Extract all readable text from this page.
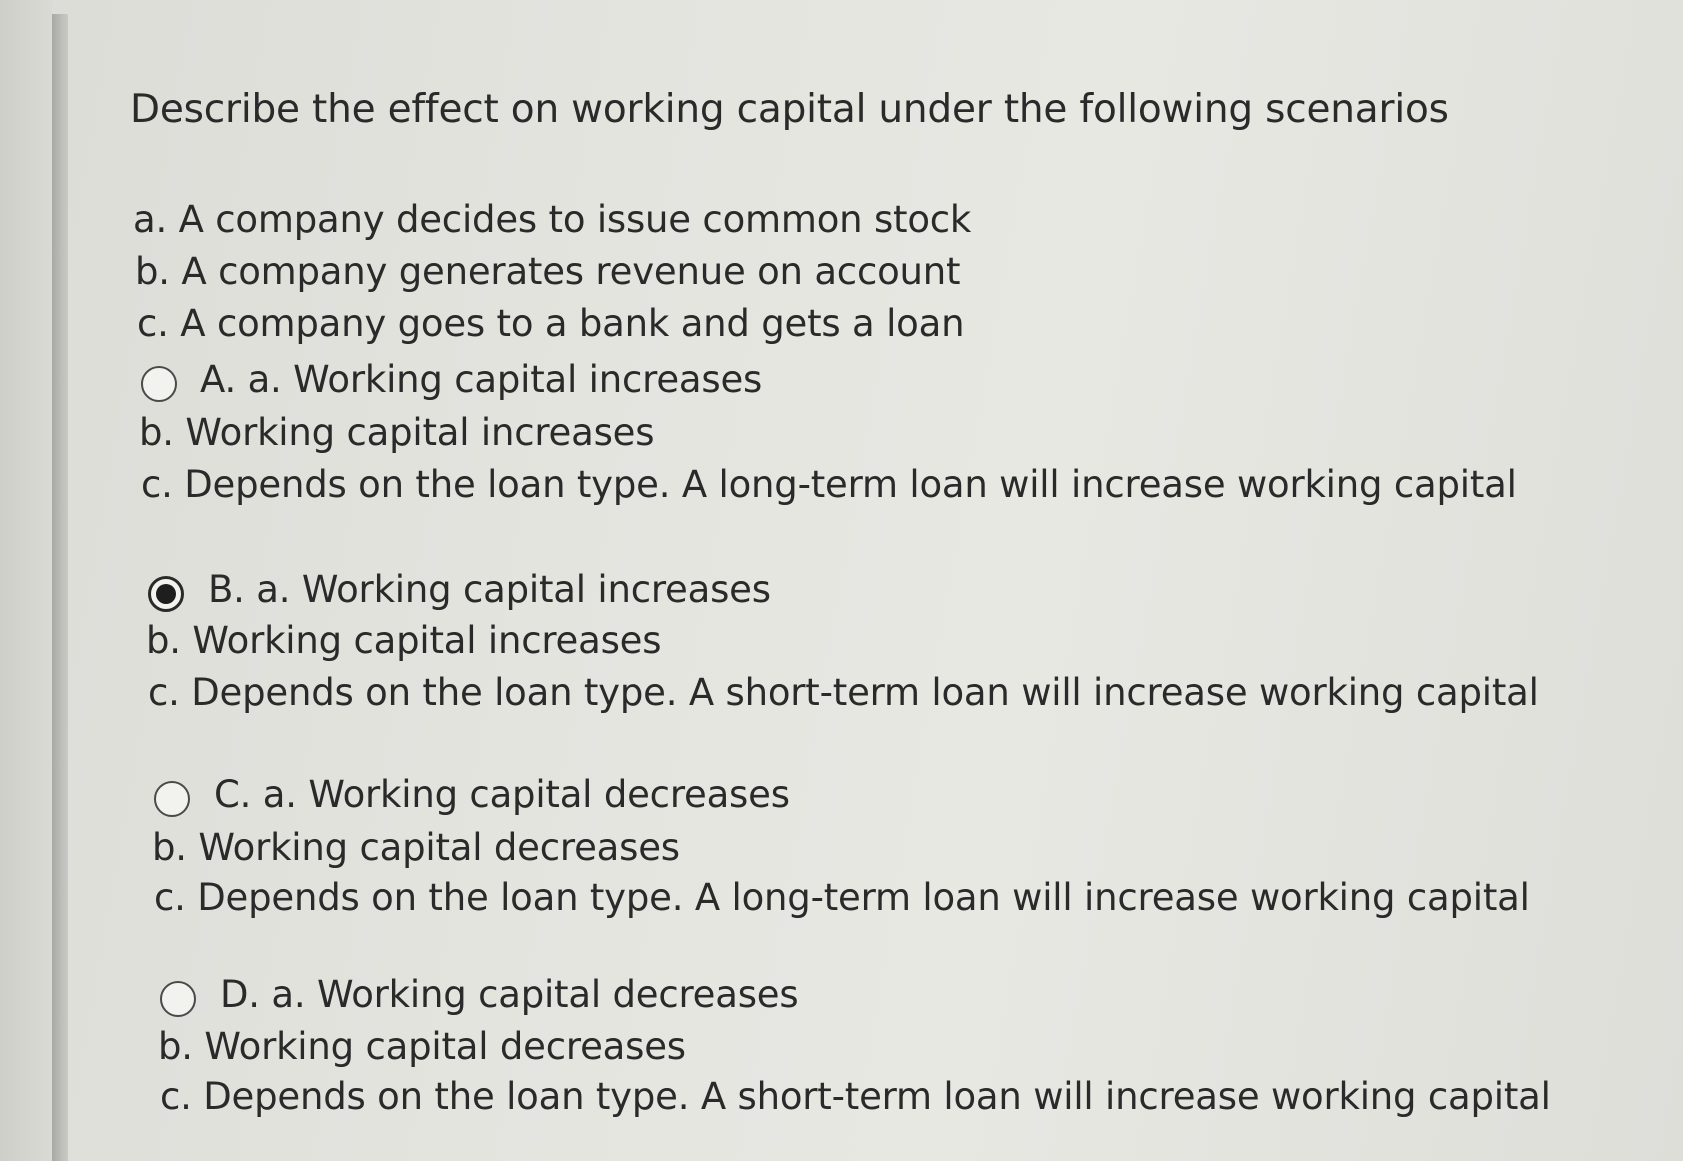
Describe the effect on working capital under the following scenarios
a. A company decides to issue common stock
b. A company generates revenue on account
c. A company goes to a bank and gets a loan
A. a. Working capital increases
b. Working capital increases
c. Depends on the loan type. A long-term loan will increase working capital
B. a. Working capital increases
b. Working capital increases
c. Depends on the loan type. A short-term loan will increase working capital
C. a. Working capital decreases
b. Working capital decreases
c. Depends on the loan type. A long-term loan will increase working capital
D. a. Working capital decreases
b. Working capital decreases
c. Depends on the loan type. A short-term loan will increase working capital
